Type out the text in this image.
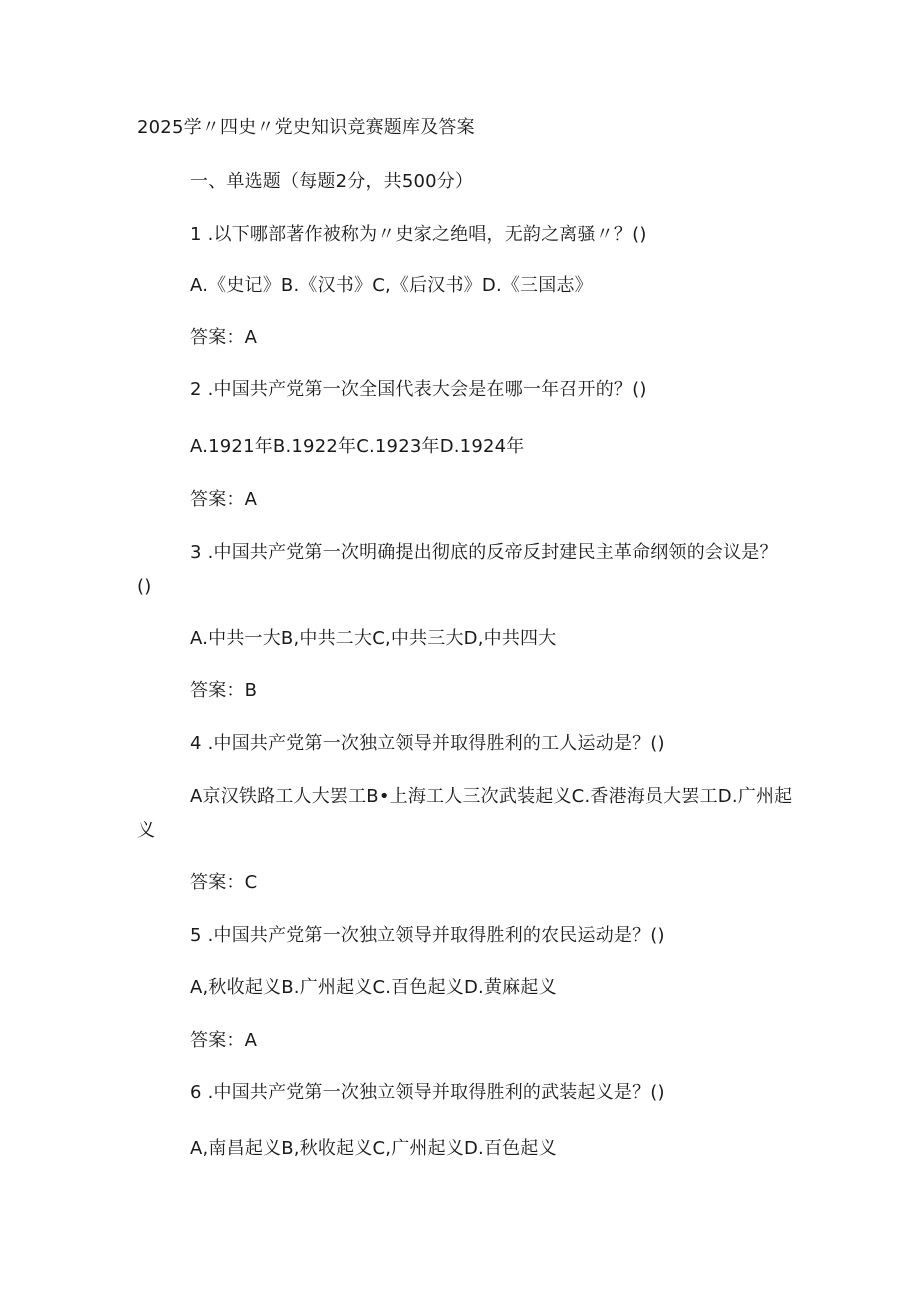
2025学〃四史〃党史知识竞赛题库及答案
一、单选题（每题2分，共500分）
1 .以下哪部著作被称为〃史家之绝唱，无韵之离骚〃？()
A.《史记》B.《汉书》C,《后汉书》D.《三国志》
答案：A
2 .中国共产党第一次全国代表大会是在哪一年召开的？()
A.1921年B.1922年C.1923年D.1924年
答案：A
3 .中国共产党第一次明确提出彻底的反帝反封建民主革命纲领的会议是？
()
A.中共一大B,中共二大C,中共三大D,中共四大
答案：B
4 .中国共产党第一次独立领导并取得胜利的工人运动是？()
A京汉铁路工人大罢工B•上海工人三次武装起义C.香港海员大罢工D.广州起
义
答案：C
5 .中国共产党第一次独立领导并取得胜利的农民运动是？()
A,秋收起义B.广州起义C.百色起义D.黄麻起义
答案：A
6 .中国共产党第一次独立领导并取得胜利的武装起义是？()
A,南昌起义B,秋收起义C,广州起义D.百色起义
